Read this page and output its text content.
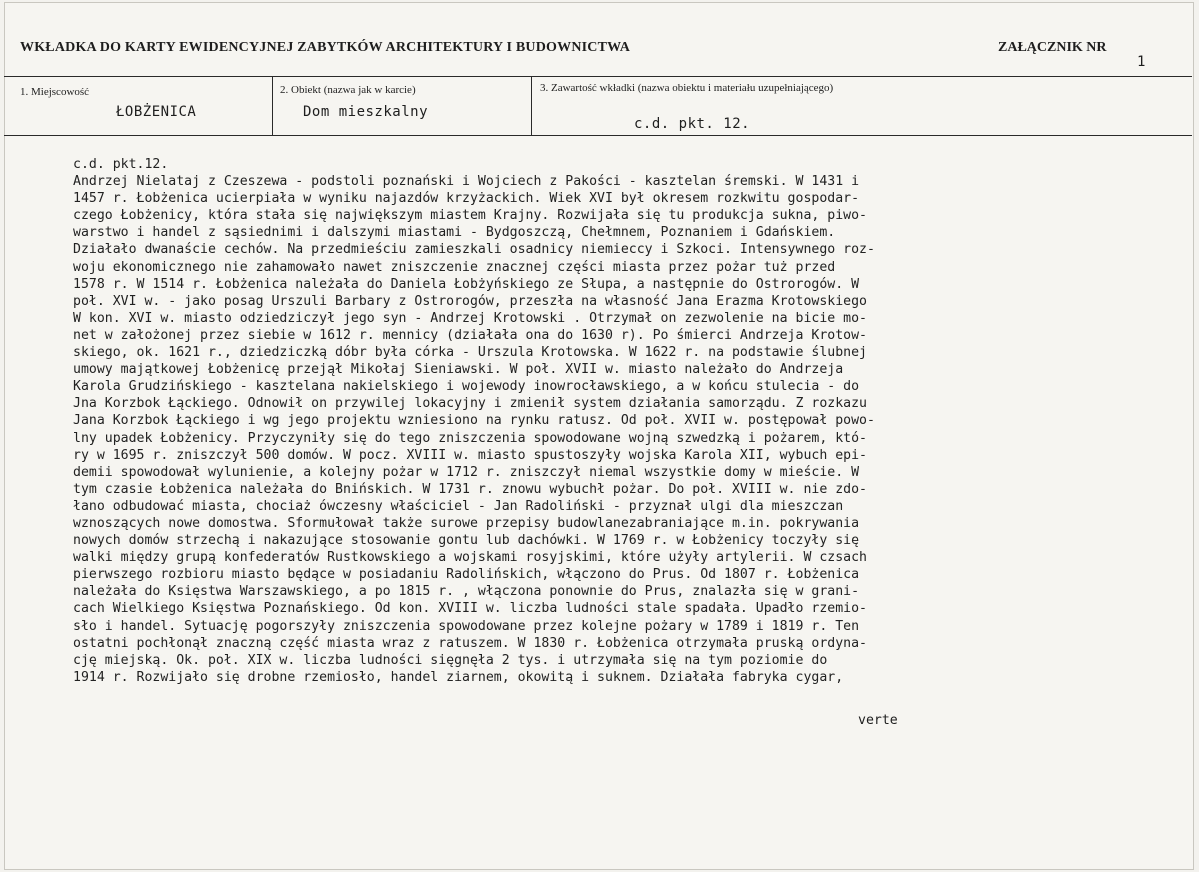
WKŁADKA DO KARTY EWIDENCYJNEJ ZABYTKÓW ARCHITEKTURY I BUDOWNICTWA	ZAŁĄCZNIK NR
1
1. Miejscowość
ŁOBŻENICA
2. Obiekt (nazwa jak w karcie)
Dom mieszkalny
3. Zawartość wkładki (nazwa obiektu i materiału uzupełniającego)
c.d. pkt. 12.
c.d. pkt.12.
Andrzej Nielataj z Czeszewa - podstoli poznański i Wojciech z Pakości - kasztelan śremski. W 1431 i
1457 r. Łobżenica ucierpiała w wyniku najazdów krzyżackich. Wiek XVI był okresem rozkwitu gospodar-
czego Łobżenicy, która stała się największym miastem Krajny. Rozwijała się tu produkcja sukna, piwo-
warstwo i handel z sąsiednimi i dalszymi miastami - Bydgoszczą, Chełmnem, Poznaniem i Gdańskiem.
Działało dwanaście cechów. Na przedmieściu zamieszkali osadnicy niemieccy i Szkoci. Intensywnego roz-
woju ekonomicznego nie zahamowało nawet zniszczenie znacznej części miasta przez pożar tuż przed
1578 r. W 1514 r. Łobżenica należała do Daniela Łobżyńskiego ze Słupa, a następnie do Ostrorogów. W
poł. XVI w. - jako posag Urszuli Barbary z Ostrorogów, przeszła na własność Jana Erazma Krotowskiego
W kon. XVI w. miasto odziedziczył jego syn - Andrzej Krotowski . Otrzymał on zezwolenie na bicie mo-
net w założonej przez siebie w 1612 r. mennicy (działała ona do 1630 r). Po śmierci Andrzeja Krotow-
skiego, ok. 1621 r., dziedziczką dóbr była córka - Urszula Krotowska. W 1622 r. na podstawie ślubnej
umowy majątkowej Łobżenicę przejął Mikołaj Sieniawski. W poł. XVII w. miasto należało do Andrzeja
Karola Grudzińskiego - kasztelana nakielskiego i wojewody inowrocławskiego, a w końcu stulecia - do
Jna Korzbok Łąckiego. Odnowił on przywilej lokacyjny i zmienił system działania samorządu. Z rozkazu
Jana Korzbok Łąckiego i wg jego projektu wzniesiono na rynku ratusz. Od poł. XVII w. postępował powo-
lny upadek Łobżenicy. Przyczyniły się do tego zniszczenia spowodowane wojną szwedzką i pożarem, któ-
ry w 1695 r. zniszczył 500 domów. W pocz. XVIII w. miasto spustoszyły wojska Karola XII, wybuch epi-
demii spowodował wylunienie, a kolejny pożar w 1712 r. zniszczył niemal wszystkie domy w mieście. W
tym czasie Łobżenica należała do Bnińskich. W 1731 r. znowu wybuchł pożar. Do poł. XVIII w. nie zdo-
łano odbudować miasta, chociaż ówczesny właściciel - Jan Radoliński - przyznał ulgi dla mieszczan
wznoszących nowe domostwa. Sformułował także surowe przepisy budowlanezabraniające m.in. pokrywania
nowych domów strzechą i nakazujące stosowanie gontu lub dachówki. W 1769 r. w Łobżenicy toczyły się
walki między grupą konfederatów Rustkowskiego a wojskami rosyjskimi, które użyły artylerii. W czsach
pierwszego rozbioru miasto będące w posiadaniu Radolińskich, włączono do Prus. Od 1807 r. Łobżenica
należała do Księstwa Warszawskiego, a po 1815 r. , włączona ponownie do Prus, znalazła się w grani-
cach Wielkiego Księstwa Poznańskiego. Od kon. XVIII w. liczba ludności stale spadała. Upadło rzemio-
sło i handel. Sytuację pogorszyły zniszczenia spowodowane przez kolejne pożary w 1789 i 1819 r. Ten
ostatni pochłonął znaczną część miasta wraz z ratuszem. W 1830 r. Łobżenica otrzymała pruską ordyna-
cję miejską. Ok. poł. XIX w. liczba ludności sięgnęła 2 tys. i utrzymała się na tym poziomie do
1914 r. Rozwijało się drobne rzemiosło, handel ziarnem, okowitą i suknem. Działała fabryka cygar,
verte
